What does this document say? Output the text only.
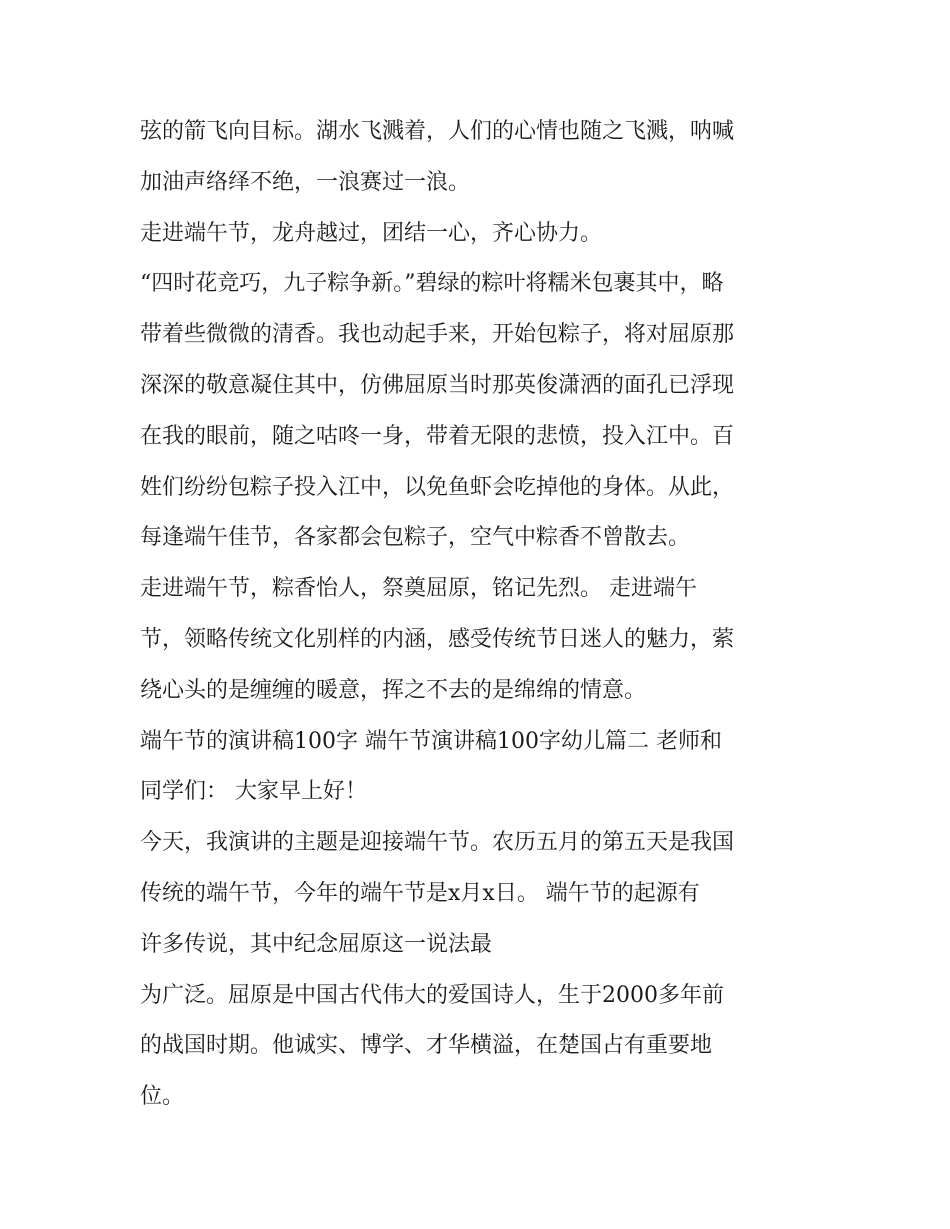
弦的箭飞向目标。湖水飞溅着，人们的心情也随之飞溅，呐喊
加油声络绎不绝，一浪赛过一浪。
走进端午节，龙舟越过，团结一心，齐心协力。
“四时花竞巧，九子粽争新。”碧绿的粽叶将糯米包裹其中，略
带着些微微的清香。我也动起手来，开始包粽子，将对屈原那
深深的敬意凝住其中，仿佛屈原当时那英俊潇洒的面孔已浮现
在我的眼前，随之咕咚一身，带着无限的悲愤，投入江中。百
姓们纷纷包粽子投入江中，以免鱼虾会吃掉他的身体。从此，
每逢端午佳节，各家都会包粽子，空气中粽香不曾散去。
走进端午节，粽香怡人，祭奠屈原，铭记先烈。 走进端午
节，领略传统文化别样的内涵，感受传统节日迷人的魅力，萦
绕心头的是缠缠的暖意，挥之不去的是绵绵的情意。
端午节的演讲稿100字 端午节演讲稿100字幼儿篇二 老师和
同学们： 大家早上好！
今天，我演讲的主题是迎接端午节。农历五月的第五天是我国
传统的端午节，今年的端午节是x月x日。 端午节的起源有
许多传说，其中纪念屈原这一说法最
为广泛。屈原是中国古代伟大的爱国诗人，生于2000多年前
的战国时期。他诚实、博学、才华横溢，在楚国占有重要地
位。
